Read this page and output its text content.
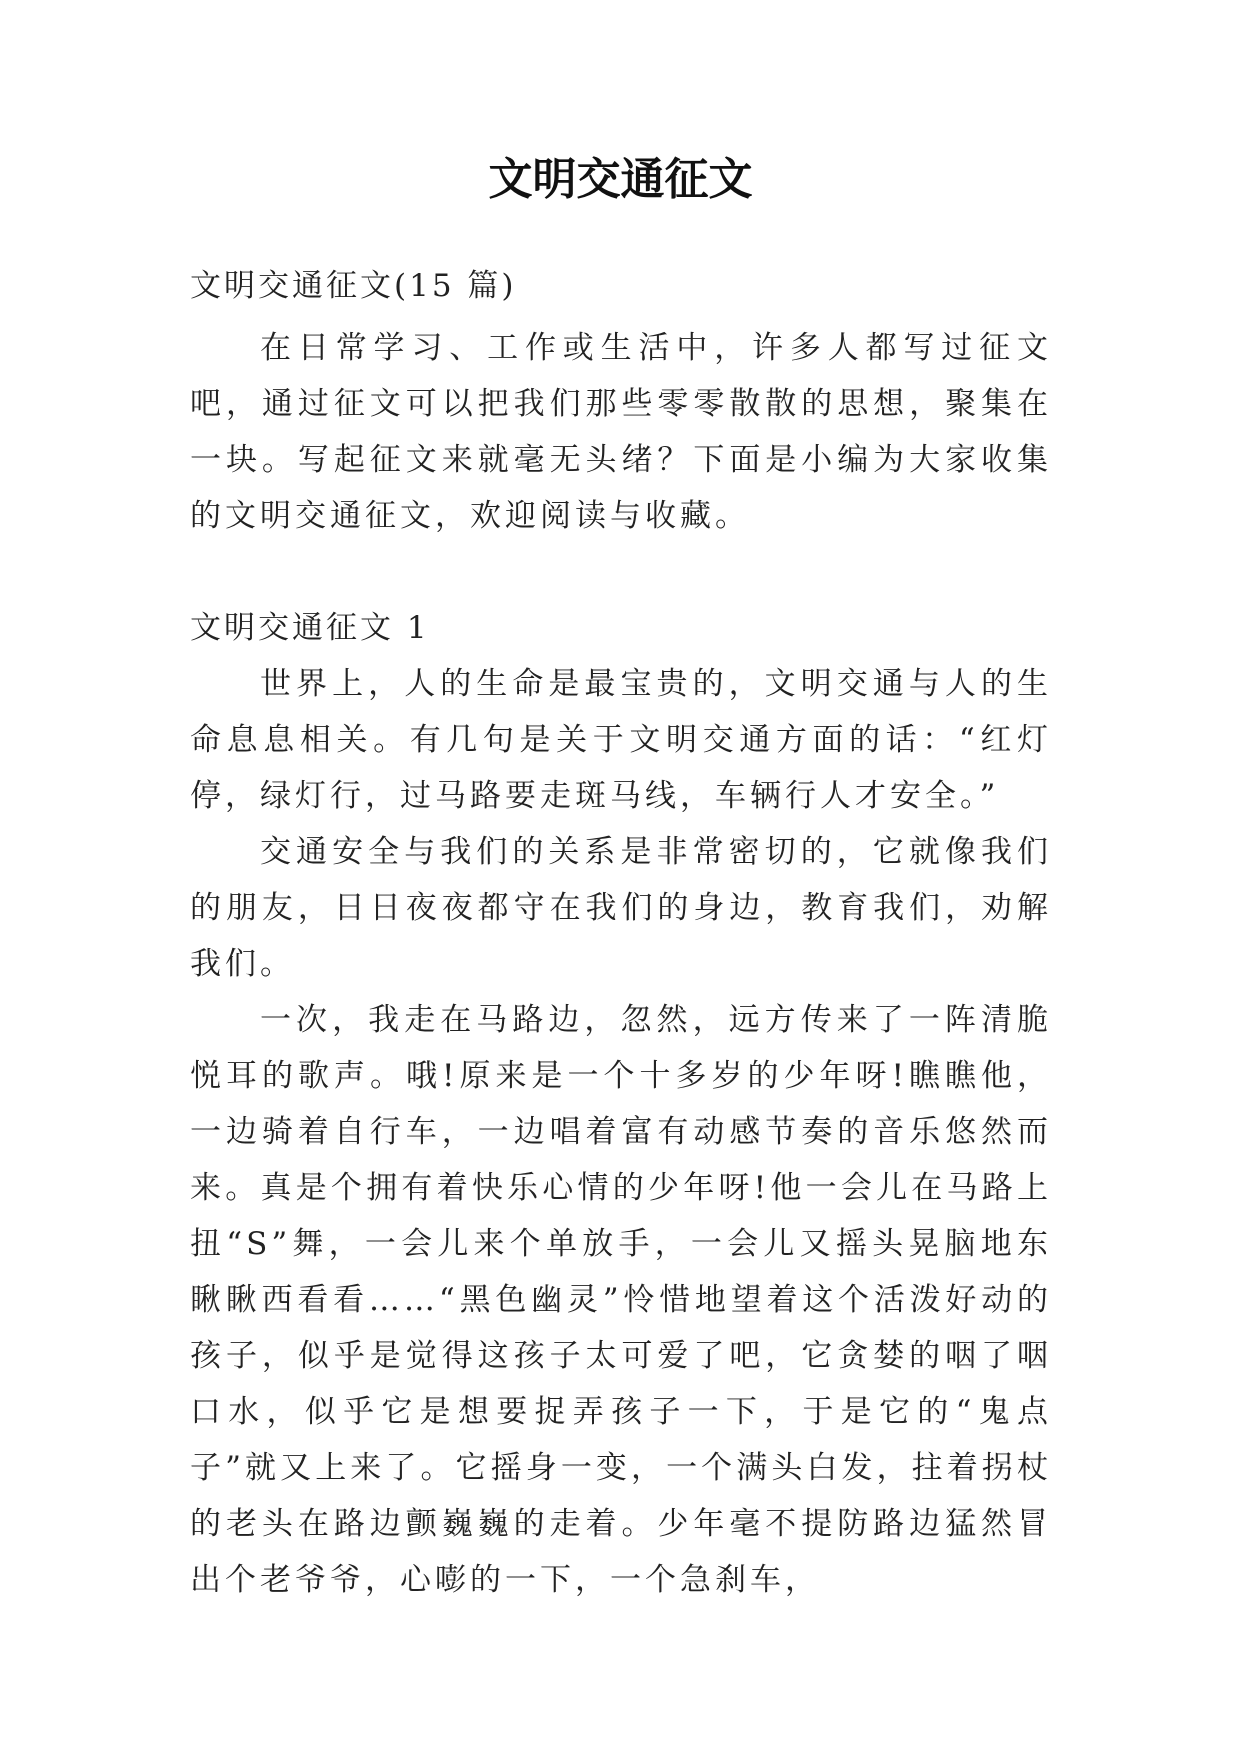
文明交通征文

文明交通征文(15 篇)

在日常学习、工作或生活中，许多人都写过征文吧，通过征文可以把我们那些零零散散的思想，聚集在一块。写起征文来就毫无头绪？下面是小编为大家收集的文明交通征文，欢迎阅读与收藏。

文明交通征文 1

世界上，人的生命是最宝贵的，文明交通与人的生命息息相关。有几句是关于文明交通方面的话：“红灯停，绿灯行，过马路要走斑马线，车辆行人才安全。”

交通安全与我们的关系是非常密切的，它就像我们的朋友，日日夜夜都守在我们的身边，教育我们，劝解我们。

一次，我走在马路边，忽然，远方传来了一阵清脆悦耳的歌声。哦!原来是一个十多岁的少年呀!瞧瞧他，一边骑着自行车，一边唱着富有动感节奏的音乐悠然而来。真是个拥有着快乐心情的少年呀!他一会儿在马路上扭“S”舞，一会儿来个单放手，一会儿又摇头晃脑地东瞅瞅西看看……“黑色幽灵”怜惜地望着这个活泼好动的孩子，似乎是觉得这孩子太可爱了吧，它贪婪的咽了咽口水，似乎它是想要捉弄孩子一下，于是它的“鬼点子”就又上来了。它摇身一变，一个满头白发，拄着拐杖的老头在路边颤巍巍的走着。少年毫不提防路边猛然冒出个老爷爷，心嘭的一下，一个急刹车，
